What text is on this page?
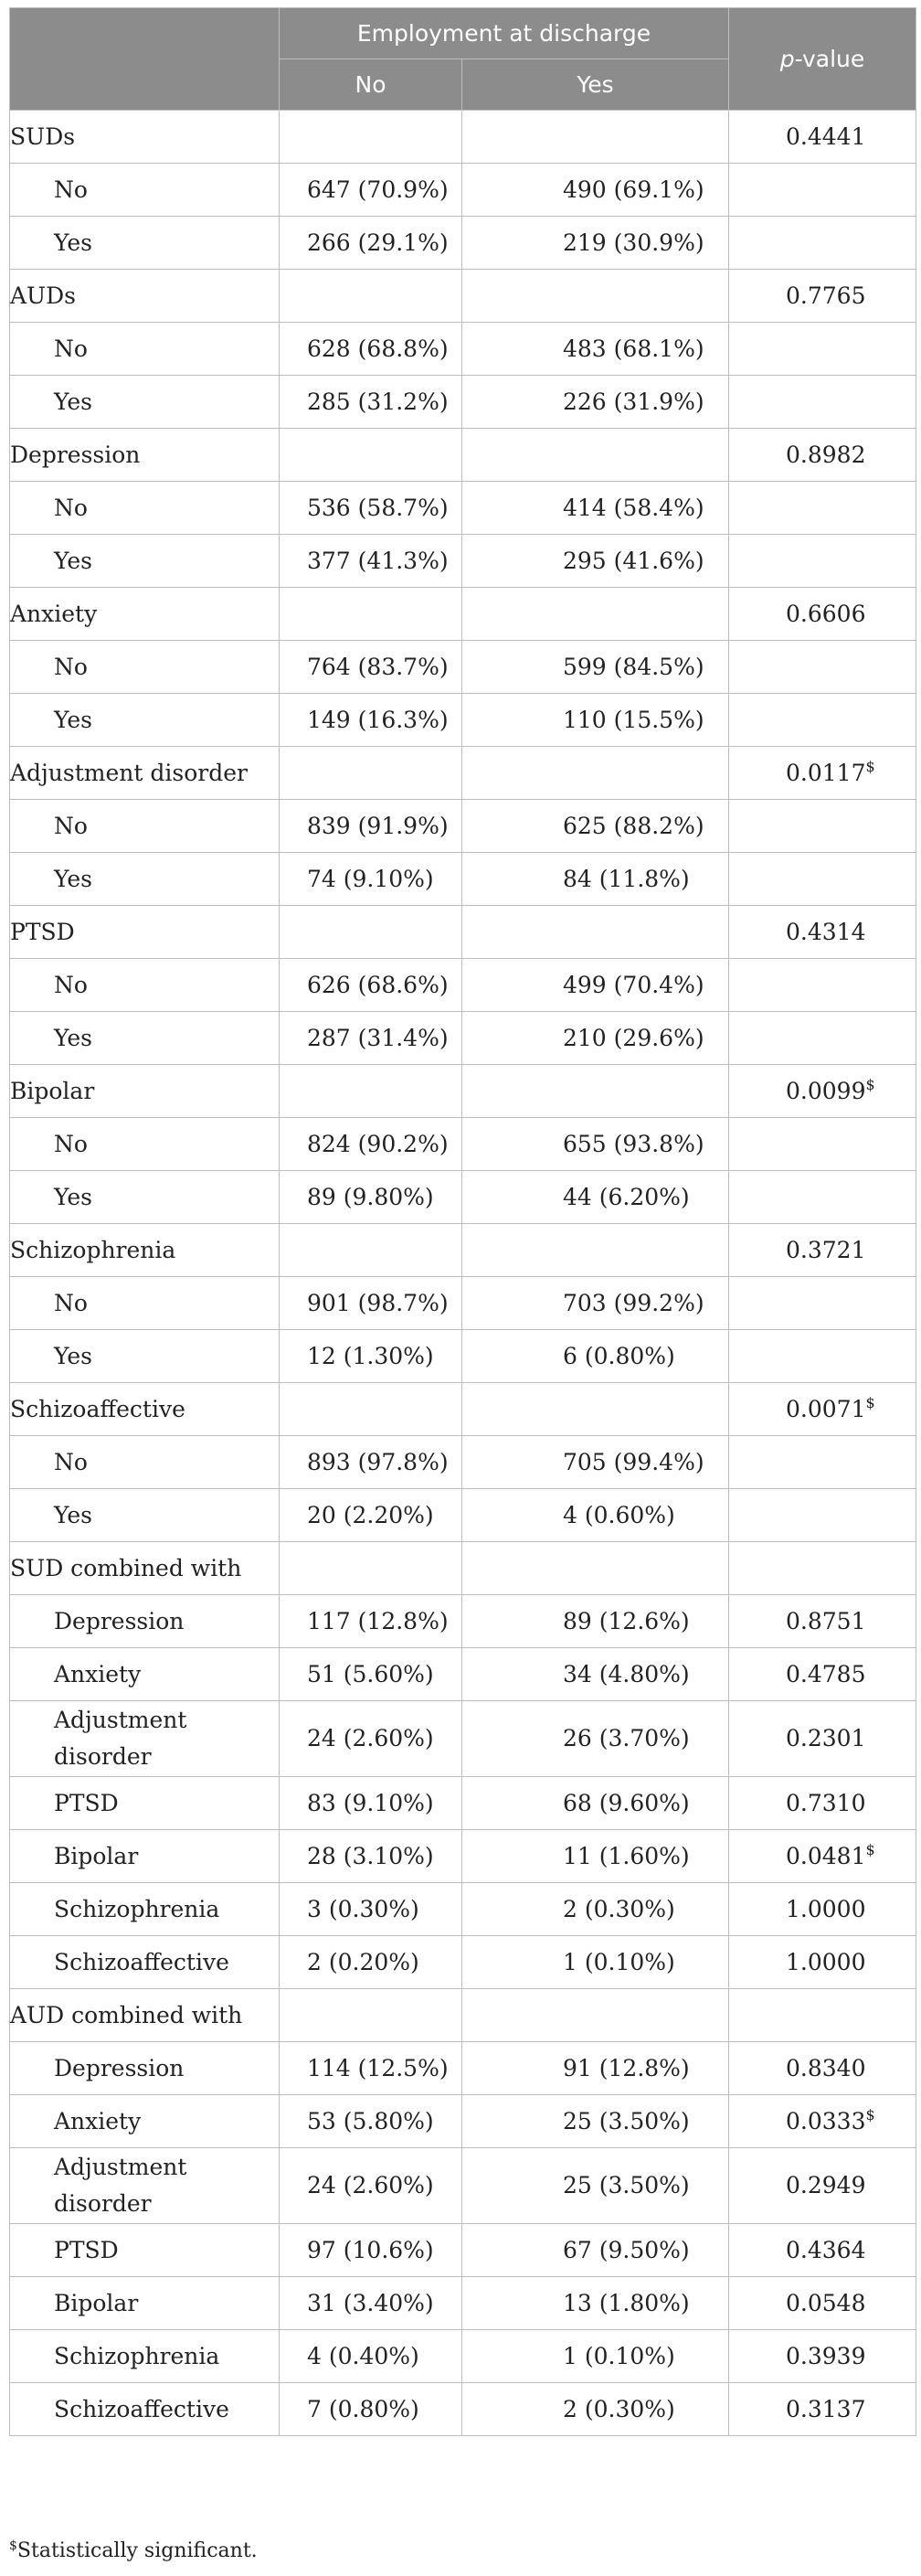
	Employment at discharge		p-value
	No	Yes	
SUDs			0.4441
No	647 (70.9%)	490 (69.1%)	
Yes	266 (29.1%)	219 (30.9%)	
AUDs			0.7765
No	628 (68.8%)	483 (68.1%)	
Yes	285 (31.2%)	226 (31.9%)	
Depression			0.8982
No	536 (58.7%)	414 (58.4%)	
Yes	377 (41.3%)	295 (41.6%)	
Anxiety			0.6606
No	764 (83.7%)	599 (84.5%)	
Yes	149 (16.3%)	110 (15.5%)	
Adjustment disorder			0.0117$
No	839 (91.9%)	625 (88.2%)	
Yes	74 (9.10%)	84 (11.8%)	
PTSD			0.4314
No	626 (68.6%)	499 (70.4%)	
Yes	287 (31.4%)	210 (29.6%)	
Bipolar			0.0099$
No	824 (90.2%)	655 (93.8%)	
Yes	89 (9.80%)	44 (6.20%)	
Schizophrenia			0.3721
No	901 (98.7%)	703 (99.2%)	
Yes	12 (1.30%)	6 (0.80%)	
Schizoaffective			0.0071$
No	893 (97.8%)	705 (99.4%)	
Yes	20 (2.20%)	4 (0.60%)	
SUD combined with			
Depression	117 (12.8%)	89 (12.6%)	0.8751
Anxiety	51 (5.60%)	34 (4.80%)	0.4785
Adjustment disorder	24 (2.60%)	26 (3.70%)	0.2301
PTSD	83 (9.10%)	68 (9.60%)	0.7310
Bipolar	28 (3.10%)	11 (1.60%)	0.0481$
Schizophrenia	3 (0.30%)	2 (0.30%)	1.0000
Schizoaffective	2 (0.20%)	1 (0.10%)	1.0000
AUD combined with			
Depression	114 (12.5%)	91 (12.8%)	0.8340
Anxiety	53 (5.80%)	25 (3.50%)	0.0333$
Adjustment disorder	24 (2.60%)	25 (3.50%)	0.2949
PTSD	97 (10.6%)	67 (9.50%)	0.4364
Bipolar	31 (3.40%)	13 (1.80%)	0.0548
Schizophrenia	4 (0.40%)	1 (0.10%)	0.3939
Schizoaffective	7 (0.80%)	2 (0.30%)	0.3137
$Statistically significant.
